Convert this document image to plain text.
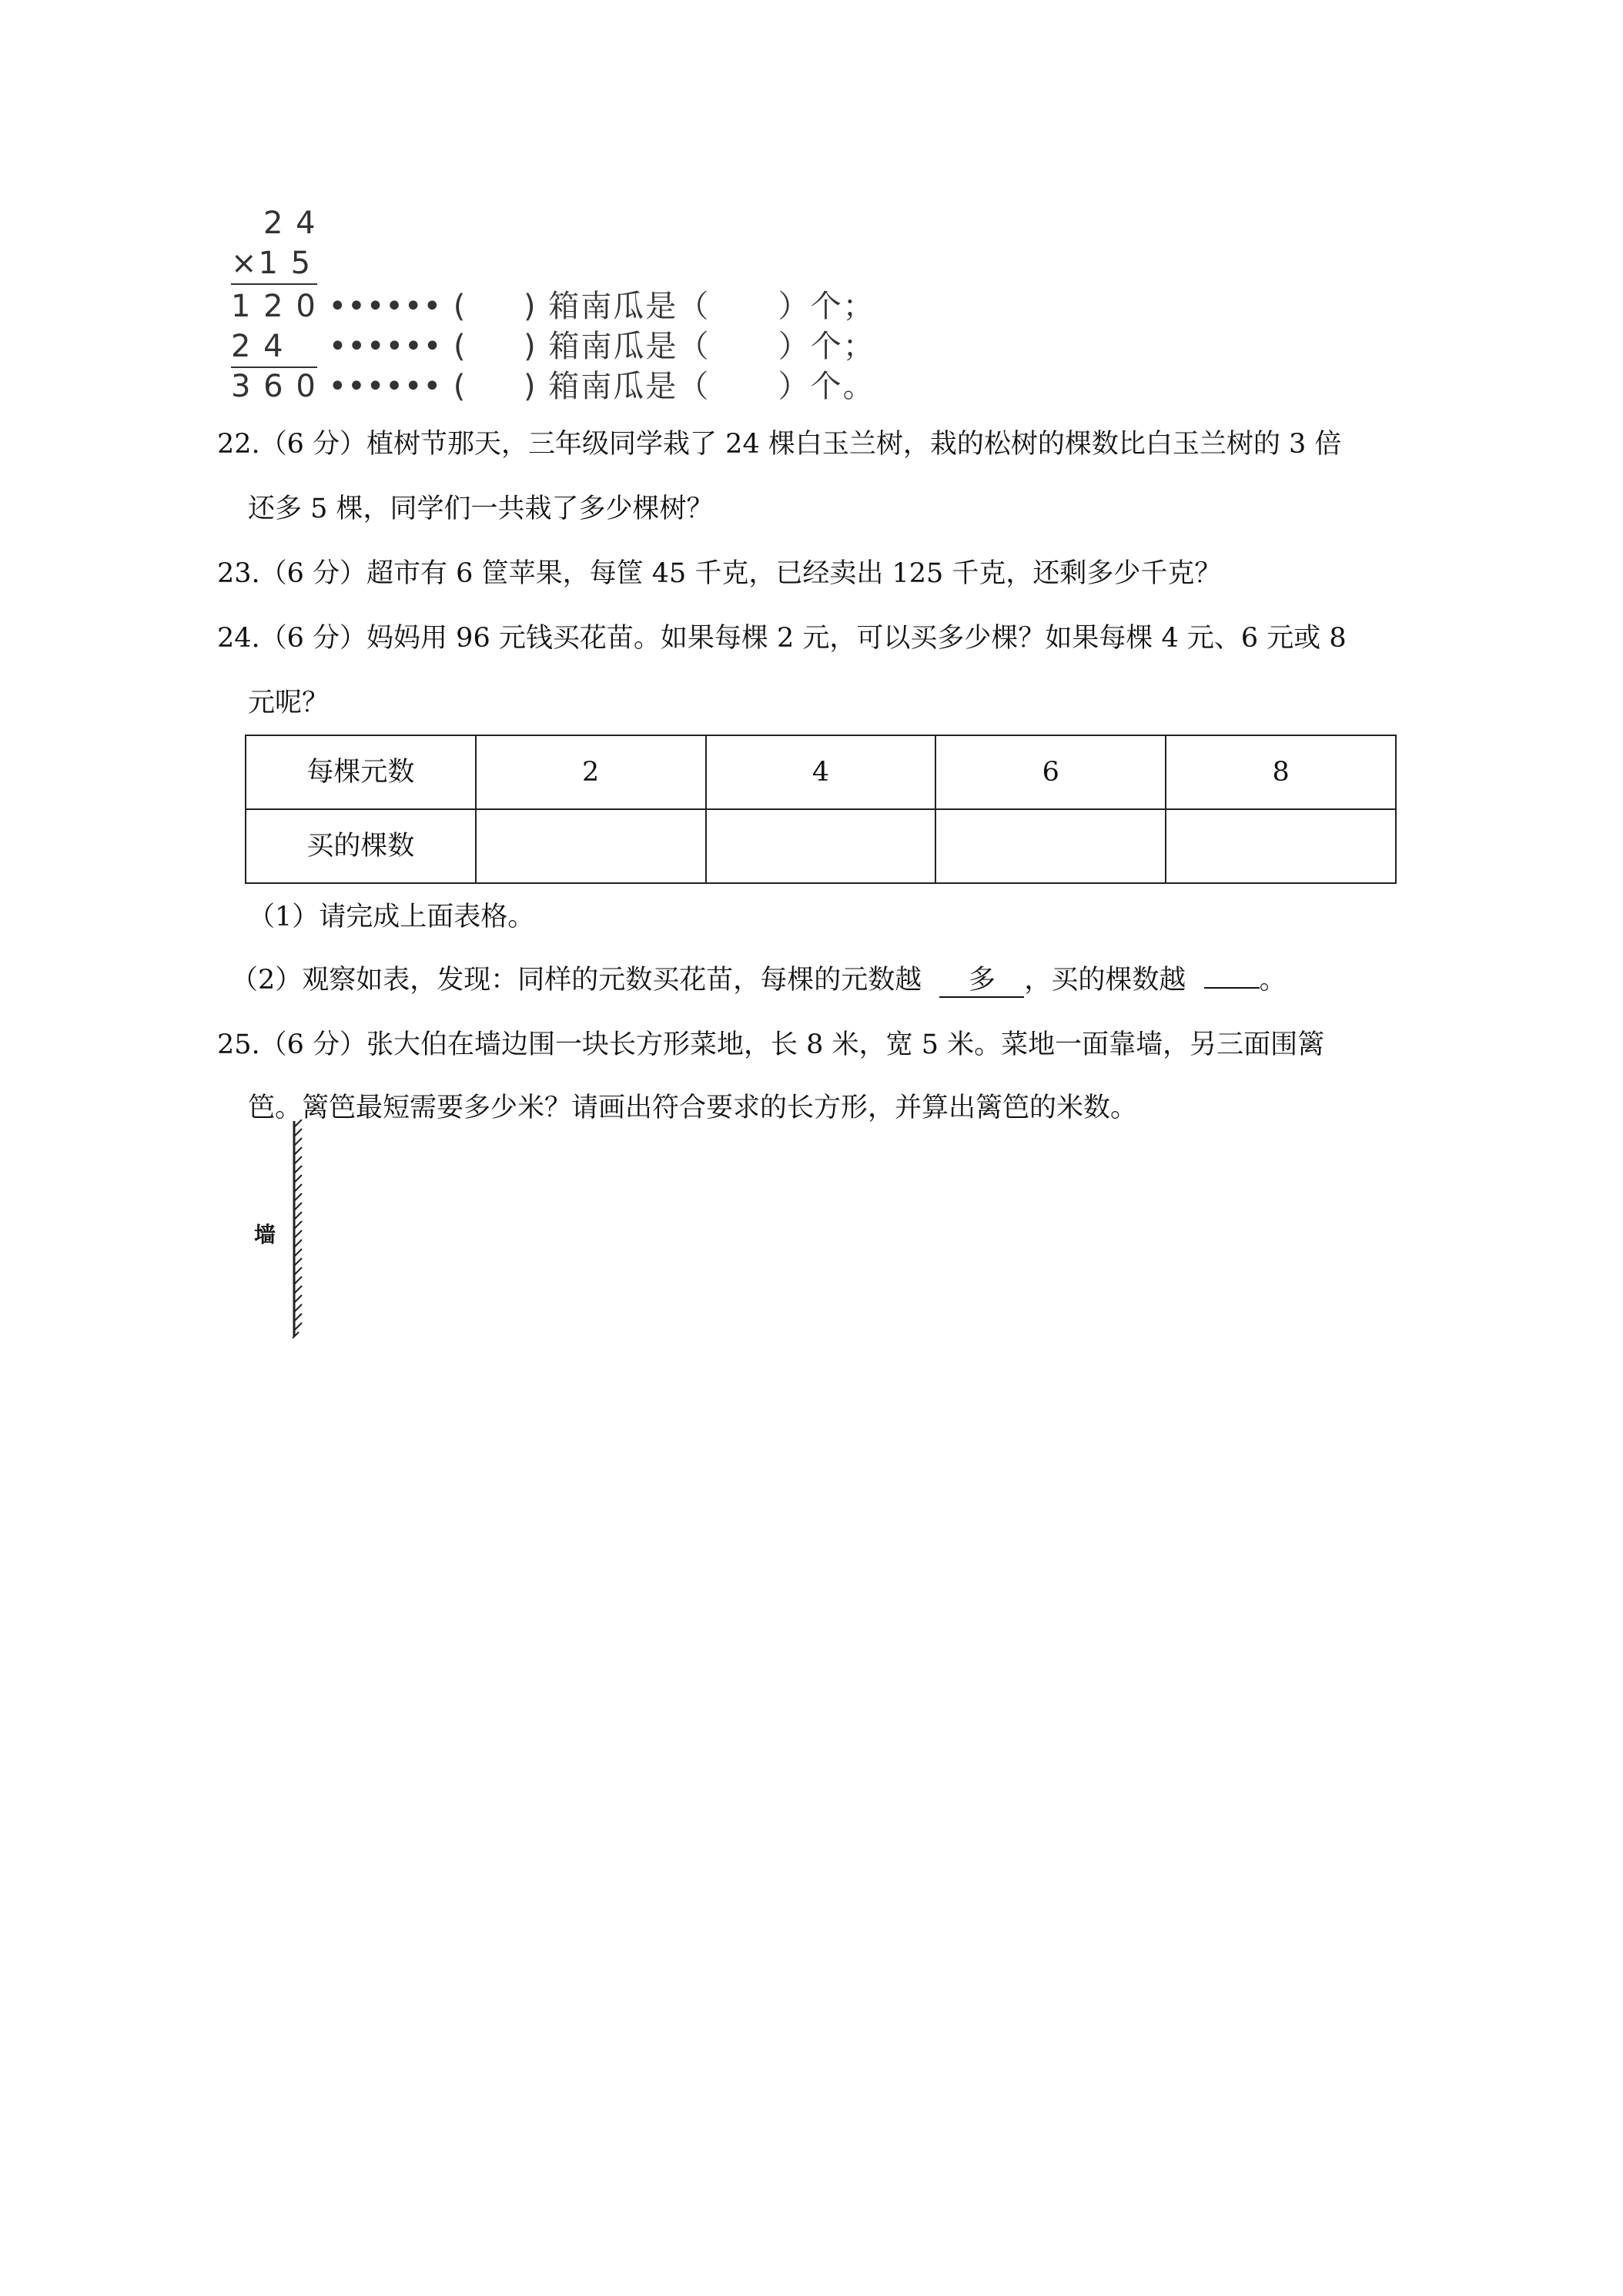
2 4
×1 5
1 2 0 •••••• (     ) 箱南瓜是（      ）个；
2 4 •••••• (     ) 箱南瓜是（      ）个；
3 6 0 •••••• (     ) 箱南瓜是（      ）个。
22.（6 分）植树节那天，三年级同学栽了 24 棵白玉兰树，栽的松树的棵数比白玉兰树的 3 倍
还多 5 棵，同学们一共栽了多少棵树？
23.（6 分）超市有 6 筐苹果，每筐 45 千克，已经卖出 125 千克，还剩多少千克？
24.（6 分）妈妈用 96 元钱买花苗。如果每棵 2 元，可以买多少棵？如果每棵 4 元、6 元或 8
元呢？
每棵元数	2	4	6	8
买的棵数				
（1）请完成上面表格。
（2）观察如表，发现：同样的元数买花苗，每棵的元数越 多 ，买的棵数越	。
25.（6 分）张大伯在墙边围一块长方形菜地，长 8 米，宽 5 米。菜地一面靠墙，另三面围篱
笆。篱笆最短需要多少米？请画出符合要求的长方形，并算出篱笆的米数。
墙
